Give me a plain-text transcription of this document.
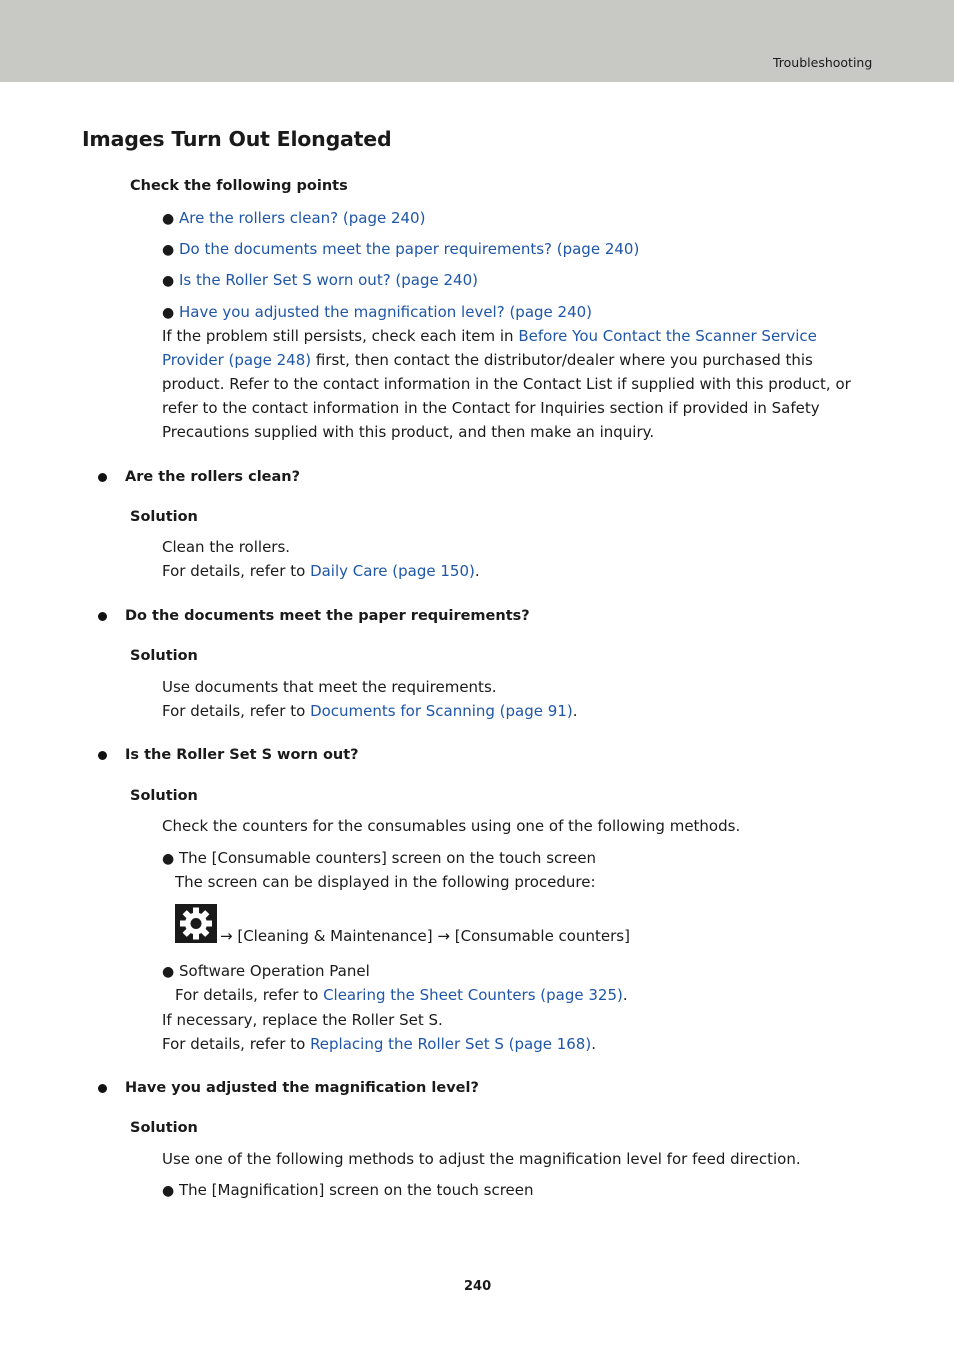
Troubleshooting
Images Turn Out Elongated
Check the following points
● Are the rollers clean? (page 240)
● Do the documents meet the paper requirements? (page 240)
● Is the Roller Set S worn out? (page 240)
● Have you adjusted the magnification level? (page 240)
If the problem still persists, check each item in Before You Contact the Scanner Service
Provider (page 248) first, then contact the distributor/dealer where you purchased this
product. Refer to the contact information in the Contact List if supplied with this product, or
refer to the contact information in the Contact for Inquiries section if provided in Safety
Precautions supplied with this product, and then make an inquiry.
Are the rollers clean?
Solution
Clean the rollers.
For details, refer to Daily Care (page 150).
Do the documents meet the paper requirements?
Solution
Use documents that meet the requirements.
For details, refer to Documents for Scanning (page 91).
Is the Roller Set S worn out?
Solution
Check the counters for the consumables using one of the following methods.
● The [Consumable counters] screen on the touch screen
The screen can be displayed in the following procedure:
→ [Cleaning & Maintenance] → [Consumable counters]
● Software Operation Panel
For details, refer to Clearing the Sheet Counters (page 325).
If necessary, replace the Roller Set S.
For details, refer to Replacing the Roller Set S (page 168).
Have you adjusted the magnification level?
Solution
Use one of the following methods to adjust the magnification level for feed direction.
● The [Magnification] screen on the touch screen
240
